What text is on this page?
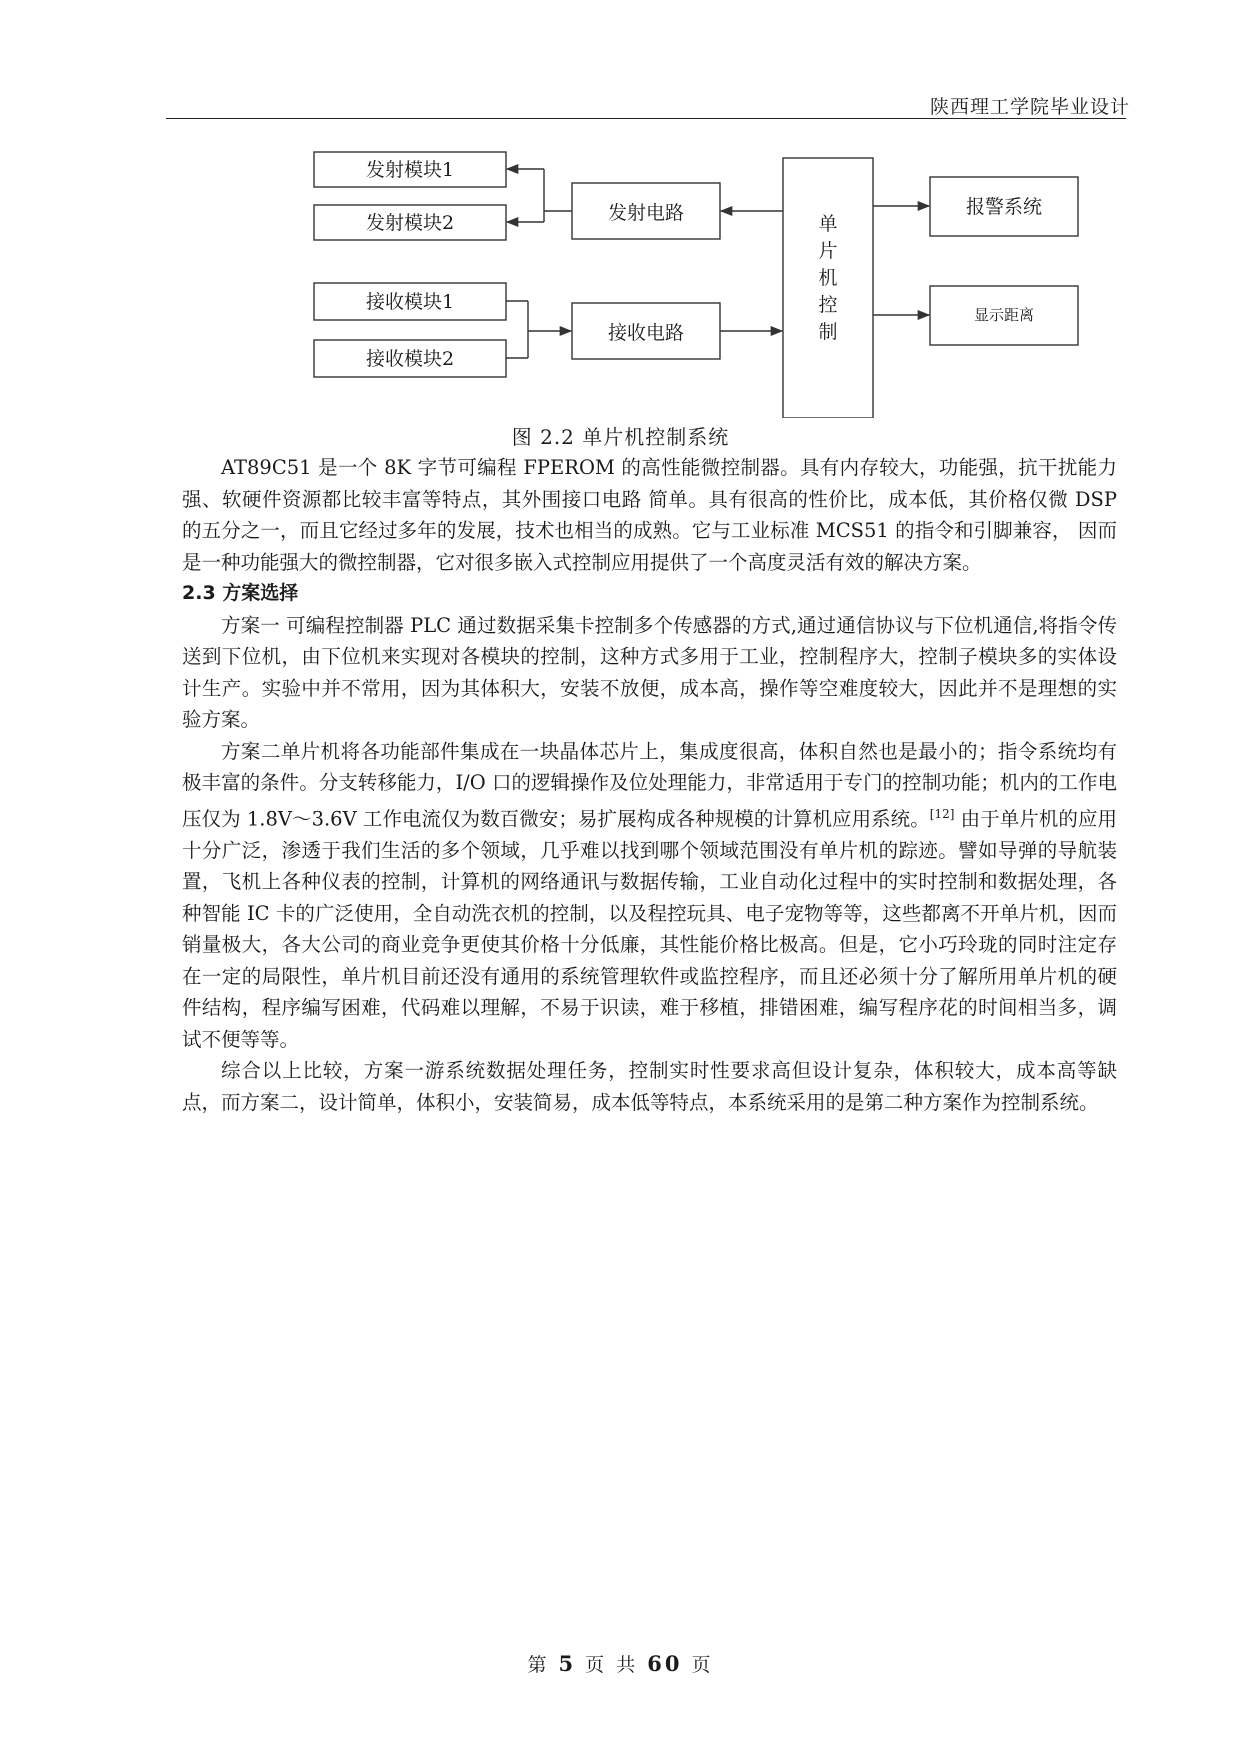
陕西理工学院毕业设计
发射模块1
发射模块2	发射电路
接收模块1
接收模块2
接收电路
单
片
机
控
制
报警系统
显示距离
图 2.2 单片机控制系统

AT89C51 是一个 8K 字节可编程 FPEROM 的高性能微控制器。具有内存较大，功能强，抗干扰能力强、软硬件资源都比较丰富等特点，其外围接口电路 简单。具有很高的性价比，成本低，其价格仅微 DSP 的五分之一，而且它经过多年的发展，技术也相当的成熟。它与工业标准 MCS51 的指令和引脚兼容， 因而是一种功能强大的微控制器，它对很多嵌入式控制应用提供了一个高度灵活有效的解决方案。

2.3 方案选择

方案一 可编程控制器 PLC 通过数据采集卡控制多个传感器的方式,通过通信协议与下位机通信,将指令传送到下位机，由下位机来实现对各模块的控制，这种方式多用于工业，控制程序大，控制子模块多的实体设计生产。实验中并不常用，因为其体积大，安装不放便，成本高，操作等空难度较大，因此并不是理想的实验方案。

方案二单片机将各功能部件集成在一块晶体芯片上，集成度很高，体积自然也是最小的；指令系统均有极丰富的条件。分支转移能力，I/O 口的逻辑操作及位处理能力，非常适用于专门的控制功能；机内的工作电压仅为 1.8V～3.6V 工作电流仅为数百微安；易扩展构成各种规模的计算机应用系统。[12] 由于单片机的应用十分广泛，渗透于我们生活的多个领域，几乎难以找到哪个领域范围没有单片机的踪迹。譬如导弹的导航装置，飞机上各种仪表的控制，计算机的网络通讯与数据传输，工业自动化过程中的实时控制和数据处理，各种智能 IC 卡的广泛使用，全自动洗衣机的控制，以及程控玩具、电子宠物等等，这些都离不开单片机，因而销量极大，各大公司的商业竞争更使其价格十分低廉，其性能价格比极高。但是，它小巧玲珑的同时注定存在一定的局限性，单片机目前还没有通用的系统管理软件或监控程序，而且还必须十分了解所用单片机的硬件结构，程序编写困难，代码难以理解，不易于识读，难于移植，排错困难，编写程序花的时间相当多，调试不便等等。

综合以上比较，方案一游系统数据处理任务，控制实时性要求高但设计复杂，体积较大，成本高等缺点，而方案二，设计简单，体积小，安装简易，成本低等特点，本系统采用的是第二种方案作为控制系统。

第 5 页 共 60 页
